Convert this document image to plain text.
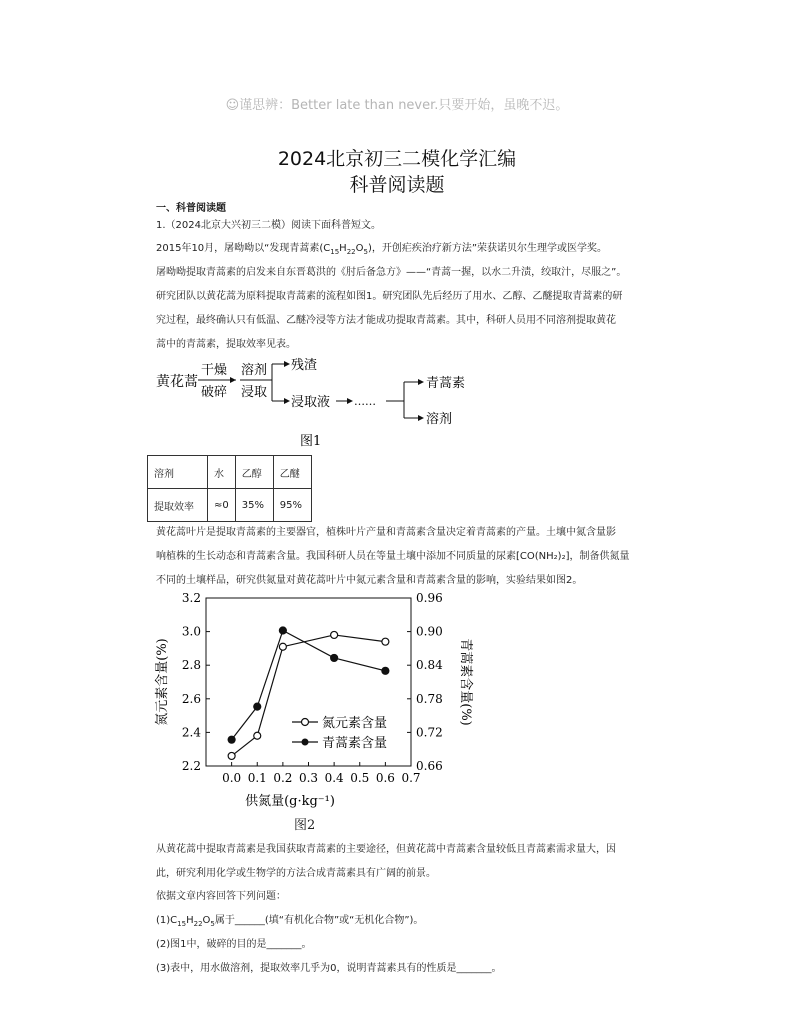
☺谨思辨：Better late than never.只要开始，虽晚不迟。
2024北京初三二模化学汇编
科普阅读题
一、科普阅读题
1.（2024北京大兴初三二模）阅读下面科普短文。
2015年10月，屠呦呦以“发现青蒿素$(C_{15}H_{22}O_5)$，开创疟疾治疗新方法”荣获诺贝尔生理学或医学奖。
屠呦呦提取青蒿素的启发来自东晋葛洪的《肘后备急方》——“青蒿一握，以水二升渍，绞取汁，尽服之”。
研究团队以黄花蒿为原料提取青蒿素的流程如图1。研究团队先后经历了用水、乙醇、乙醚提取青蒿素的研
究过程，最终确认只有低温、乙醚冷浸等方法才能成功提取青蒿素。其中，科研人员用不同溶剂提取黄花
蒿中的青蒿素，提取效率见表。
黄花蒿
干燥
破碎
溶剂
浸取
残渣
浸取液 ……
青蒿素
溶剂
图1
溶剂	水	乙醇	乙醚
提取效率	≈0	35%	95%
黄花蒿叶片是提取青蒿素的主要器官，植株叶片产量和青蒿素含量决定着青蒿素的产量。土壤中氮含量影
响植株的生长动态和青蒿素含量。我国科研人员在等量土壤中添加不同质量的尿素[CO(NH₂)₂]，制备供氮量
不同的土壤样品，研究供氮量对黄花蒿叶片中氮元素含量和青蒿素含量的影响，实验结果如图2。
0.0 0.1 0.2 0.3 0.4 0.5 0.6 0.7
2.2
2.4
2.6
2.8
3.0
3.2
0.66
0.72
0.78
0.84
0.90
0.96
氮元素含量(%)	青蒿素含量(%)
供氮量(g·kg⁻¹)
氮元素含量
青蒿素含量
图2
从黄花蒿中提取青蒿素是我国获取青蒿素的主要途径，但黄花蒿中青蒿素含量较低且青蒿素需求量大，因
此，研究利用化学或生物学的方法合成青蒿素具有广阔的前景。
依据文章内容回答下列问题：
$(1)C_{15}H_{22}O_5$属于______(填“有机化合物”或“无机化合物”)。
(2)图1中，破碎的目的是_______。
(3)表中，用水做溶剂，提取效率几乎为0，说明青蒿素具有的性质是_______。
